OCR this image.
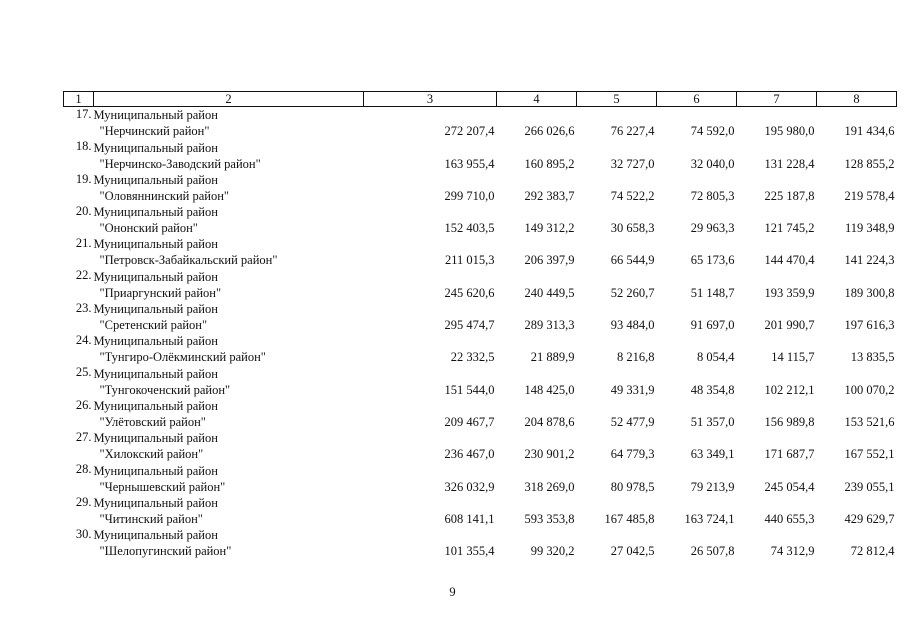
1	2	3	4	5	6	7	8
17.	Муниципальный район
"Нерчинский район"	272 207,4	266 026,6	76 227,4	74 592,0	195 980,0	191 434,6
18.	Муниципальный район
"Нерчинско-Заводский район"	163 955,4	160 895,2	32 727,0	32 040,0	131 228,4	128 855,2
19.	Муниципальный район
"Оловяннинский район"	299 710,0	292 383,7	74 522,2	72 805,3	225 187,8	219 578,4
20.	Муниципальный район
"Ононский район"	152 403,5	149 312,2	30 658,3	29 963,3	121 745,2	119 348,9
21.	Муниципальный район
"Петровск-Забайкальский район"	211 015,3	206 397,9	66 544,9	65 173,6	144 470,4	141 224,3
22.	Муниципальный район
"Приаргунский район"	245 620,6	240 449,5	52 260,7	51 148,7	193 359,9	189 300,8
23.	Муниципальный район
"Сретенский район"	295 474,7	289 313,3	93 484,0	91 697,0	201 990,7	197 616,3
24.	Муниципальный район
"Тунгиро-Олёкминский район"	22 332,5	21 889,9	8 216,8	8 054,4	14 115,7	13 835,5
25.	Муниципальный район
"Тунгокоченский район"	151 544,0	148 425,0	49 331,9	48 354,8	102 212,1	100 070,2
26.	Муниципальный район
"Улётовский район"	209 467,7	204 878,6	52 477,9	51 357,0	156 989,8	153 521,6
27.	Муниципальный район
"Хилокский район"	236 467,0	230 901,2	64 779,3	63 349,1	171 687,7	167 552,1
28.	Муниципальный район
"Чернышевский район"	326 032,9	318 269,0	80 978,5	79 213,9	245 054,4	239 055,1
29.	Муниципальный район
"Читинский район"	608 141,1	593 353,8	167 485,8	163 724,1	440 655,3	429 629,7
30.	Муниципальный район
"Шелопугинский район"	101 355,4	99 320,2	27 042,5	26 507,8	74 312,9	72 812,4
9
